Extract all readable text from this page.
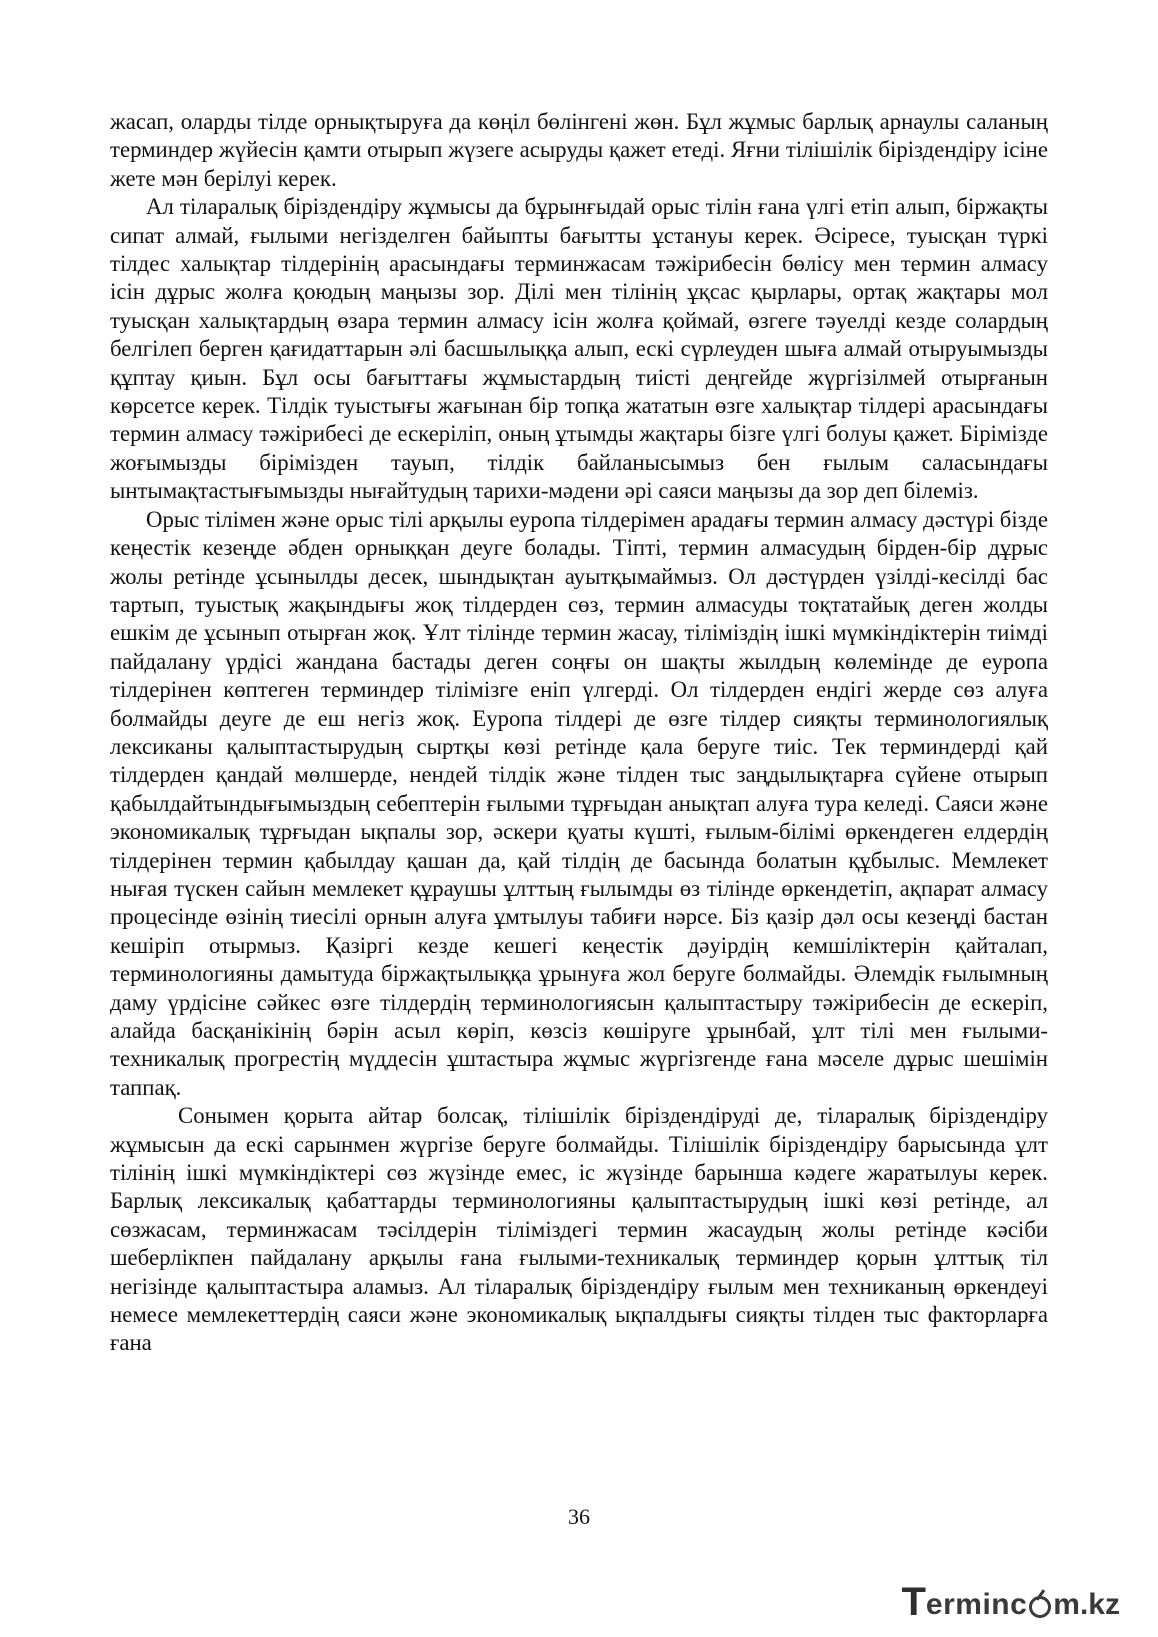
жасап, оларды тілде орнықтыруға да көңіл бөлінгені жөн. Бұл жұмыс барлық арнаулы саланың терминдер жүйесін қамти отырып жүзеге асыруды қажет етеді. Яғни тілішілік біріздендіру ісіне жете мән берілуі керек.

Ал тіларалық біріздендіру жұмысы да бұрынғыдай орыс тілін ғана үлгі етіп алып, біржақты сипат алмай, ғылыми негізделген байыпты бағытты ұстануы керек. Әсіресе, туысқан түркі тілдес халықтар тілдерінің арасындағы терминжасам тәжірибесін бөлісу мен термин алмасу ісін дұрыс жолға қоюдың маңызы зор. Ділі мен тілінің ұқсас қырлары, ортақ жақтары мол туысқан халықтардың өзара термин алмасу ісін жолға қоймай, өзгеге тәуелді кезде солардың белгілеп берген қағидаттарын әлі басшылыққа алып, ескі сүрлеуден шыға алмай отыруымызды құптау қиын. Бұл осы бағыттағы жұмыстардың тиісті деңгейде жүргізілмей отырғанын көрсетсе керек. Тілдік туыстығы жағынан бір топқа жататын өзге халықтар тілдері арасындағы термин алмасу тәжірибесі де ескеріліп, оның ұтымды жақтары бізге үлгі болуы қажет. Бірімізде жоғымызды бірімізден тауып, тілдік байланысымыз бен ғылым саласындағы ынтымақтастығымызды нығайтудың тарихи-мәдени әрі саяси маңызы да зор деп білеміз.

Орыс тілімен және орыс тілі арқылы еуропа тілдерімен арадағы термин алмасу дәстүрі бізде кеңестік кезеңде әбден орныққан деуге болады. Тіпті, термин алмасудың бірден-бір дұрыс жолы ретінде ұсынылды десек, шындықтан ауытқымаймыз. Ол дәстүрден үзілді-кесілді бас тартып, туыстық жақындығы жоқ тілдерден сөз, термин алмасуды тоқтатайық деген жолды ешкім де ұсынып отырған жоқ. Ұлт тілінде термин жасау, тіліміздің ішкі мүмкіндіктерін тиімді пайдалану үрдісі жандана бастады деген соңғы он шақты жылдың көлемінде де еуропа тілдерінен көптеген терминдер тілімізге еніп үлгерді. Ол тілдерден ендігі жерде сөз алуға болмайды деуге де еш негіз жоқ. Еуропа тілдері де өзге тілдер сияқты терминологиялық лексиканы қалыптастырудың сыртқы көзі ретінде қала беруге тиіс. Тек терминдерді қай тілдерден қандай мөлшерде, нендей тілдік және тілден тыс заңдылықтарға сүйене отырып қабылдайтындығымыздың себептерін ғылыми тұрғыдан анықтап алуға тура келеді. Саяси және экономикалық тұрғыдан ықпалы зор, әскери қуаты күшті, ғылым-білімі өркендеген елдердің тілдерінен термин қабылдау қашан да, қай тілдің де басында болатын құбылыс. Мемлекет нығая түскен сайын мемлекет құраушы ұлттың ғылымды өз тілінде өркендетіп, ақпарат алмасу процесінде өзінің тиесілі орнын алуға ұмтылуы табиғи нәрсе. Біз қазір дәл осы кезеңді бастан кешіріп отырмыз. Қазіргі кезде кешегі кеңестік дәуірдің кемшіліктерін қайталап, терминологияны дамытуда біржақтылыққа ұрынуға жол беруге болмайды. Әлемдік ғылымның даму үрдісіне сәйкес өзге тілдердің терминологиясын қалыптастыру тәжірибесін де ескеріп, алайда басқанікінің бәрін асыл көріп, көзсіз көшіруге ұрынбай, ұлт тілі мен ғылыми-техникалық прогрестің мүддесін ұштастыра жұмыс жүргізгенде ғана мәселе дұрыс шешімін таппақ.

Сонымен қорыта айтар болсақ, тілішілік біріздендіруді де, тіларалық біріздендіру жұмысын да ескі сарынмен жүргізе беруге болмайды. Тілішілік біріздендіру барысында ұлт тілінің ішкі мүмкіндіктері сөз жүзінде емес, іс жүзінде барынша кәдеге жаратылуы керек. Барлық лексикалық қабаттарды терминологияны қалыптастырудың ішкі көзі ретінде, ал сөзжасам, терминжасам тәсілдерін тіліміздегі термин жасаудың жолы ретінде кәсіби шеберлікпен пайдалану арқылы ғана ғылыми-техникалық терминдер қорын ұлттық тіл негізінде қалыптастыра аламыз. Ал тіларалық біріздендіру ғылым мен техниканың өркендеуі немесе мемлекеттердің саяси және экономикалық ықпалдығы сияқты тілден тыс факторларға ғана

36
T erminc m.kz
